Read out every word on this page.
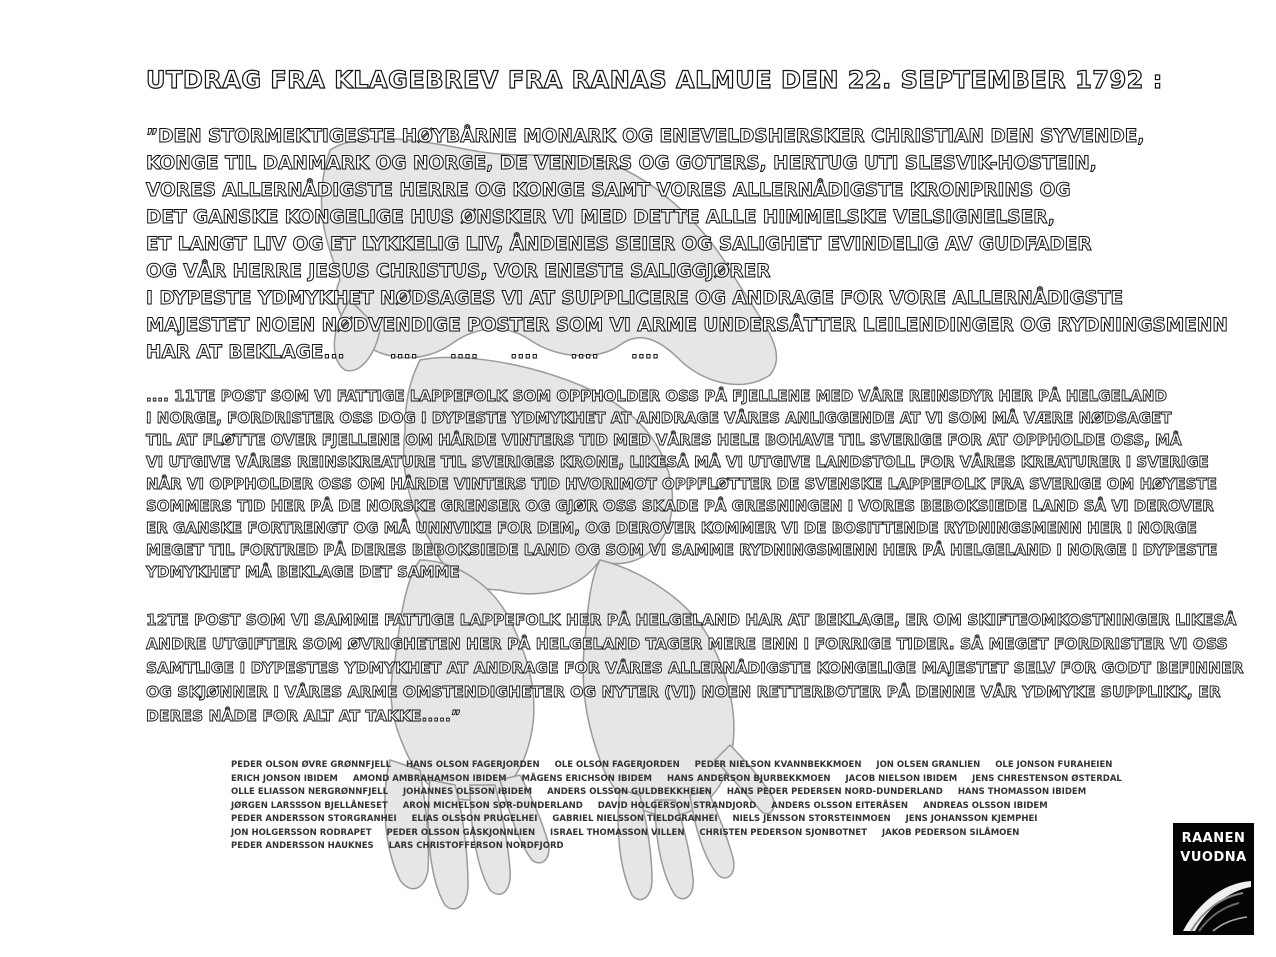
UTDRAG FRA KLAGEBREV FRA RANAS ALMUE DEN 22. SEPTEMBER 1792 :
”DEN STORMEKTIGESTE HØYBÅRNE MONARK OG ENEVELDSHERSKER CHRISTIAN DEN SYVENDE,
KONGE TIL DANMARK OG NORGE, DE VENDERS OG GOTERS, HERTUG UTI SLESVIK-HOSTEIN,
VORES ALLERNÅDIGSTE HERRE OG KONGE SAMT VORES ALLERNÅDIGSTE KRONPRINS OG
DET GANSKE KONGELIGE HUS ØNSKER VI MED DETTE ALLE HIMMELSKE VELSIGNELSER,
ET LANGT LIV OG ET LYKKELIG LIV, ÅNDENES SEIER OG SALIGHET EVINDELIG AV GUDFADER
OG VÅR HERRE JESUS CHRISTUS, VOR ENESTE SALIGGJØRER
I DYPESTE YDMYKHET NØDSAGES VI AT SUPPLICERE OG ANDRAGE FOR VORE ALLERNÅDIGSTE
MAJESTET NOEN NØDVENDIGE POSTER SOM VI ARME UNDERSÅTTER LEILENDINGER OG RYDNINGSMENN
HAR AT BEKLAGE...       ....     ....     ....     ....     ....
.... 11TE POST SOM VI FATTIGE LAPPEFOLK SOM OPPHOLDER OSS PÅ FJELLENE MED VÅRE REINSDYR HER PÅ HELGELAND
I NORGE, FORDRISTER OSS DOG I DYPESTE YDMYKHET AT ANDRAGE VÅRES ANLIGGENDE AT VI SOM MÅ VÆRE NØDSAGET
TIL AT FLØTTE OVER FJELLENE OM HÅRDE VINTERS TID MED VÅRES HELE BOHAVE TIL SVERIGE FOR AT OPPHOLDE OSS, MÅ
VI UTGIVE VÅRES REINSKREATURE TIL SVERIGES KRONE, LIKESÅ MÅ VI UTGIVE LANDSTOLL FOR VÅRES KREATURER I SVERIGE
NÅR VI OPPHOLDER OSS OM HÅRDE VINTERS TID HVORIMOT OPPFLØTTER DE SVENSKE LAPPEFOLK FRA SVERIGE OM HØYESTE
SOMMERS TID HER PÅ DE NORSKE GRENSER OG GJØR OSS SKADE PÅ GRESNINGEN I VORES BEBOKSIEDE LAND SÅ VI DEROVER
ER GANSKE FORTRENGT OG MÅ UNNVIKE FOR DEM, OG DEROVER KOMMER VI DE BOSITTENDE RYDNINGSMENN HER I NORGE
MEGET TIL FORTRED PÅ DERES BEBOKSIEDE LAND OG SOM VI SAMME RYDNINGSMENN HER PÅ HELGELAND I NORGE I DYPESTE
YDMYKHET MÅ BEKLAGE DET SAMME
12TE POST SOM VI SAMME FATTIGE LAPPEFOLK HER PÅ HELGELAND HAR AT BEKLAGE, ER OM SKIFTEOMKOSTNINGER LIKESÅ
ANDRE UTGIFTER SOM ØVRIGHETEN HER PÅ HELGELAND TAGER MERE ENN I FORRIGE TIDER. SÅ MEGET FORDRISTER VI OSS
SAMTLIGE I DYPESTES YDMYKHET AT ANDRAGE FOR VÅRES ALLERNÅDIGSTE KONGELIGE MAJESTET SELV FOR GODT BEFINNER
OG SKJØNNER I VÅRES ARME OMSTENDIGHETER OG NYTER (VI) NOEN RETTERBOTER PÅ DENNE VÅR YDMYKE SUPPLIKK, ER
DERES NÅDE FOR ALT AT TAKKE.....”
PEDER OLSON ØVRE GRØNNFJELL HANS OLSON FAGERJORDEN OLE OLSON FAGERJORDEN PEDER NIELSON KVANNBEKKMOEN JON OLSEN GRANLIEN OLE JONSON FURAHEIEN
ERICH JONSON IBIDEM AMOND AMBRAHAMSON IBIDEM MÅGENS ERICHSON IBIDEM HANS ANDERSON BJURBEKKMOEN JACOB NIELSON IBIDEM JENS CHRESTENSON ØSTERDAL
OLLE ELIASSON NERGRØNNFJELL JOHANNES OLSSON IBIDEM ANDERS OLSSON GULDBEKKHEIEN HANS PEDER PEDERSEN NORD-DUNDERLAND HANS THOMASSON IBIDEM
JØRGEN LARSSSON BJELLÅNESET ARON MICHELSON SØR-DUNDERLAND DAVID HOLGERSON STRANDJORD ANDERS OLSSON EITERÅSEN ANDREAS OLSSON IBIDEM
PEDER ANDERSSON STORGRANHEI ELIAS OLSSON PRUGELHEI GABRIEL NIELSSON TIELDGRANHEI NIELS JENSSON STORSTEINMOEN JENS JOHANSSON KJEMPHEI
JON HOLGERSSON RODRAPET PEDER OLSSON GÅSKJONNLIEN ISRAEL THOMASSON VILLEN CHRISTEN PEDERSON SJONBOTNET JAKOB PEDERSON SILÅMOEN
PEDER ANDERSSON HAUKNES LARS CHRISTOFFERSON NORDFJORD	RAANEN
VUODNA
